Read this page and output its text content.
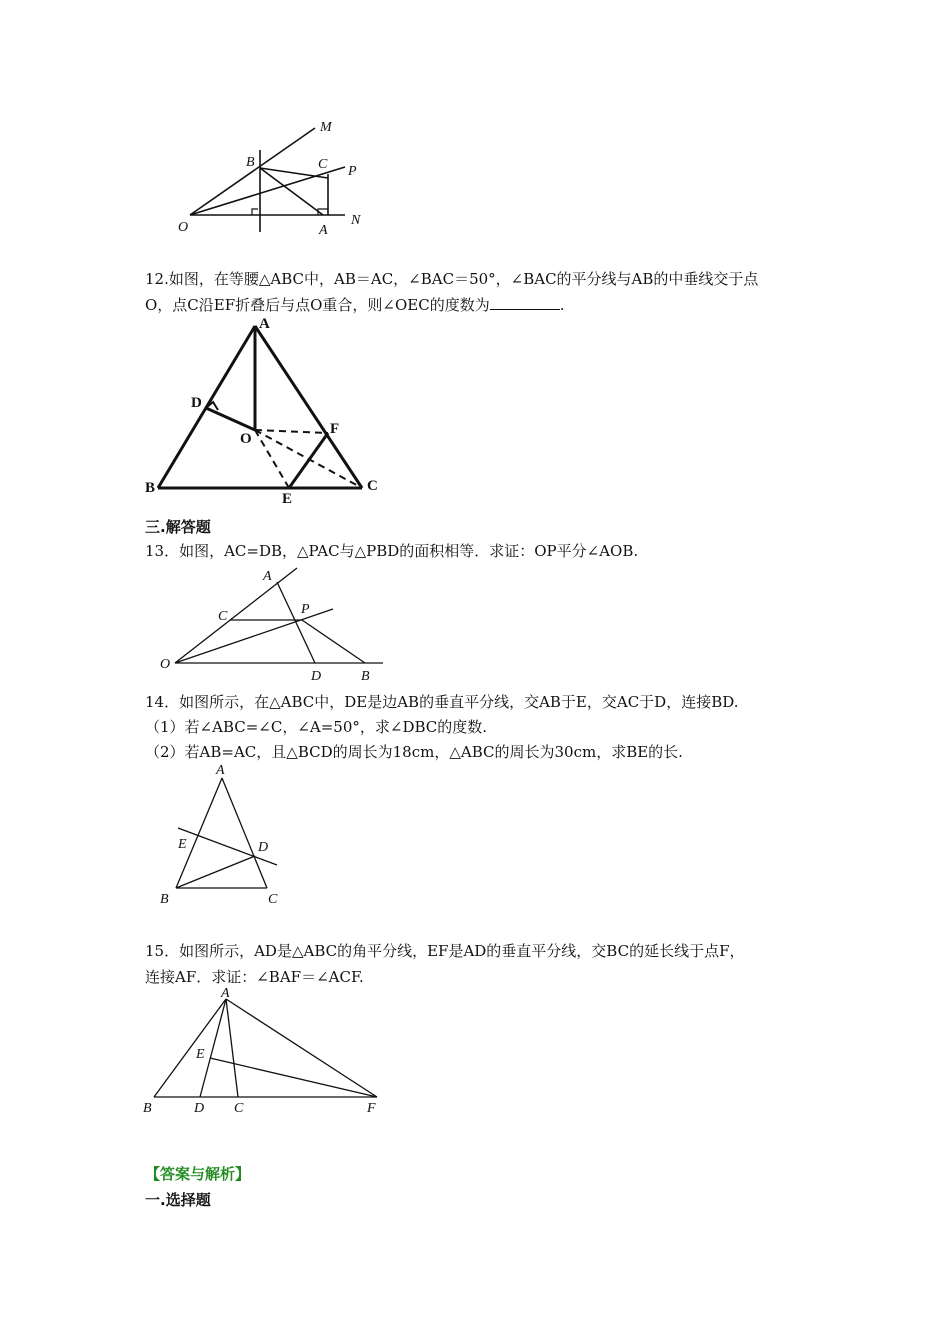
M
B	C P
O	A
N
12.如图，在等腰△ABC中，AB＝AC，∠BAC＝50°，∠BAC的平分线与AB的中垂线交于点
O，点C沿EF折叠后与点O重合，则∠OEC的度数为	.
A
D
O
F
B
E
C
三.解答题
13．如图，AC=DB，△PAC与△PBD的面积相等．求证：OP平分∠AOB.
A
C	P
O
D	B
14．如图所示，在△ABC中，DE是边AB的垂直平分线，交AB于E，交AC于D，连接BD.
（1）若∠ABC=∠C，∠A=50°，求∠DBC的度数.
（2）若AB=AC，且△BCD的周长为18cm，△ABC的周长为30cm，求BE的长.
A
E	D
B	C
15．如图所示，AD是△ABC的角平分线，EF是AD的垂直平分线，交BC的延长线于点F，
连接AF．求证：∠BAF＝∠ACF.
A
E
B	D C	F
【答案与解析】
一.选择题
